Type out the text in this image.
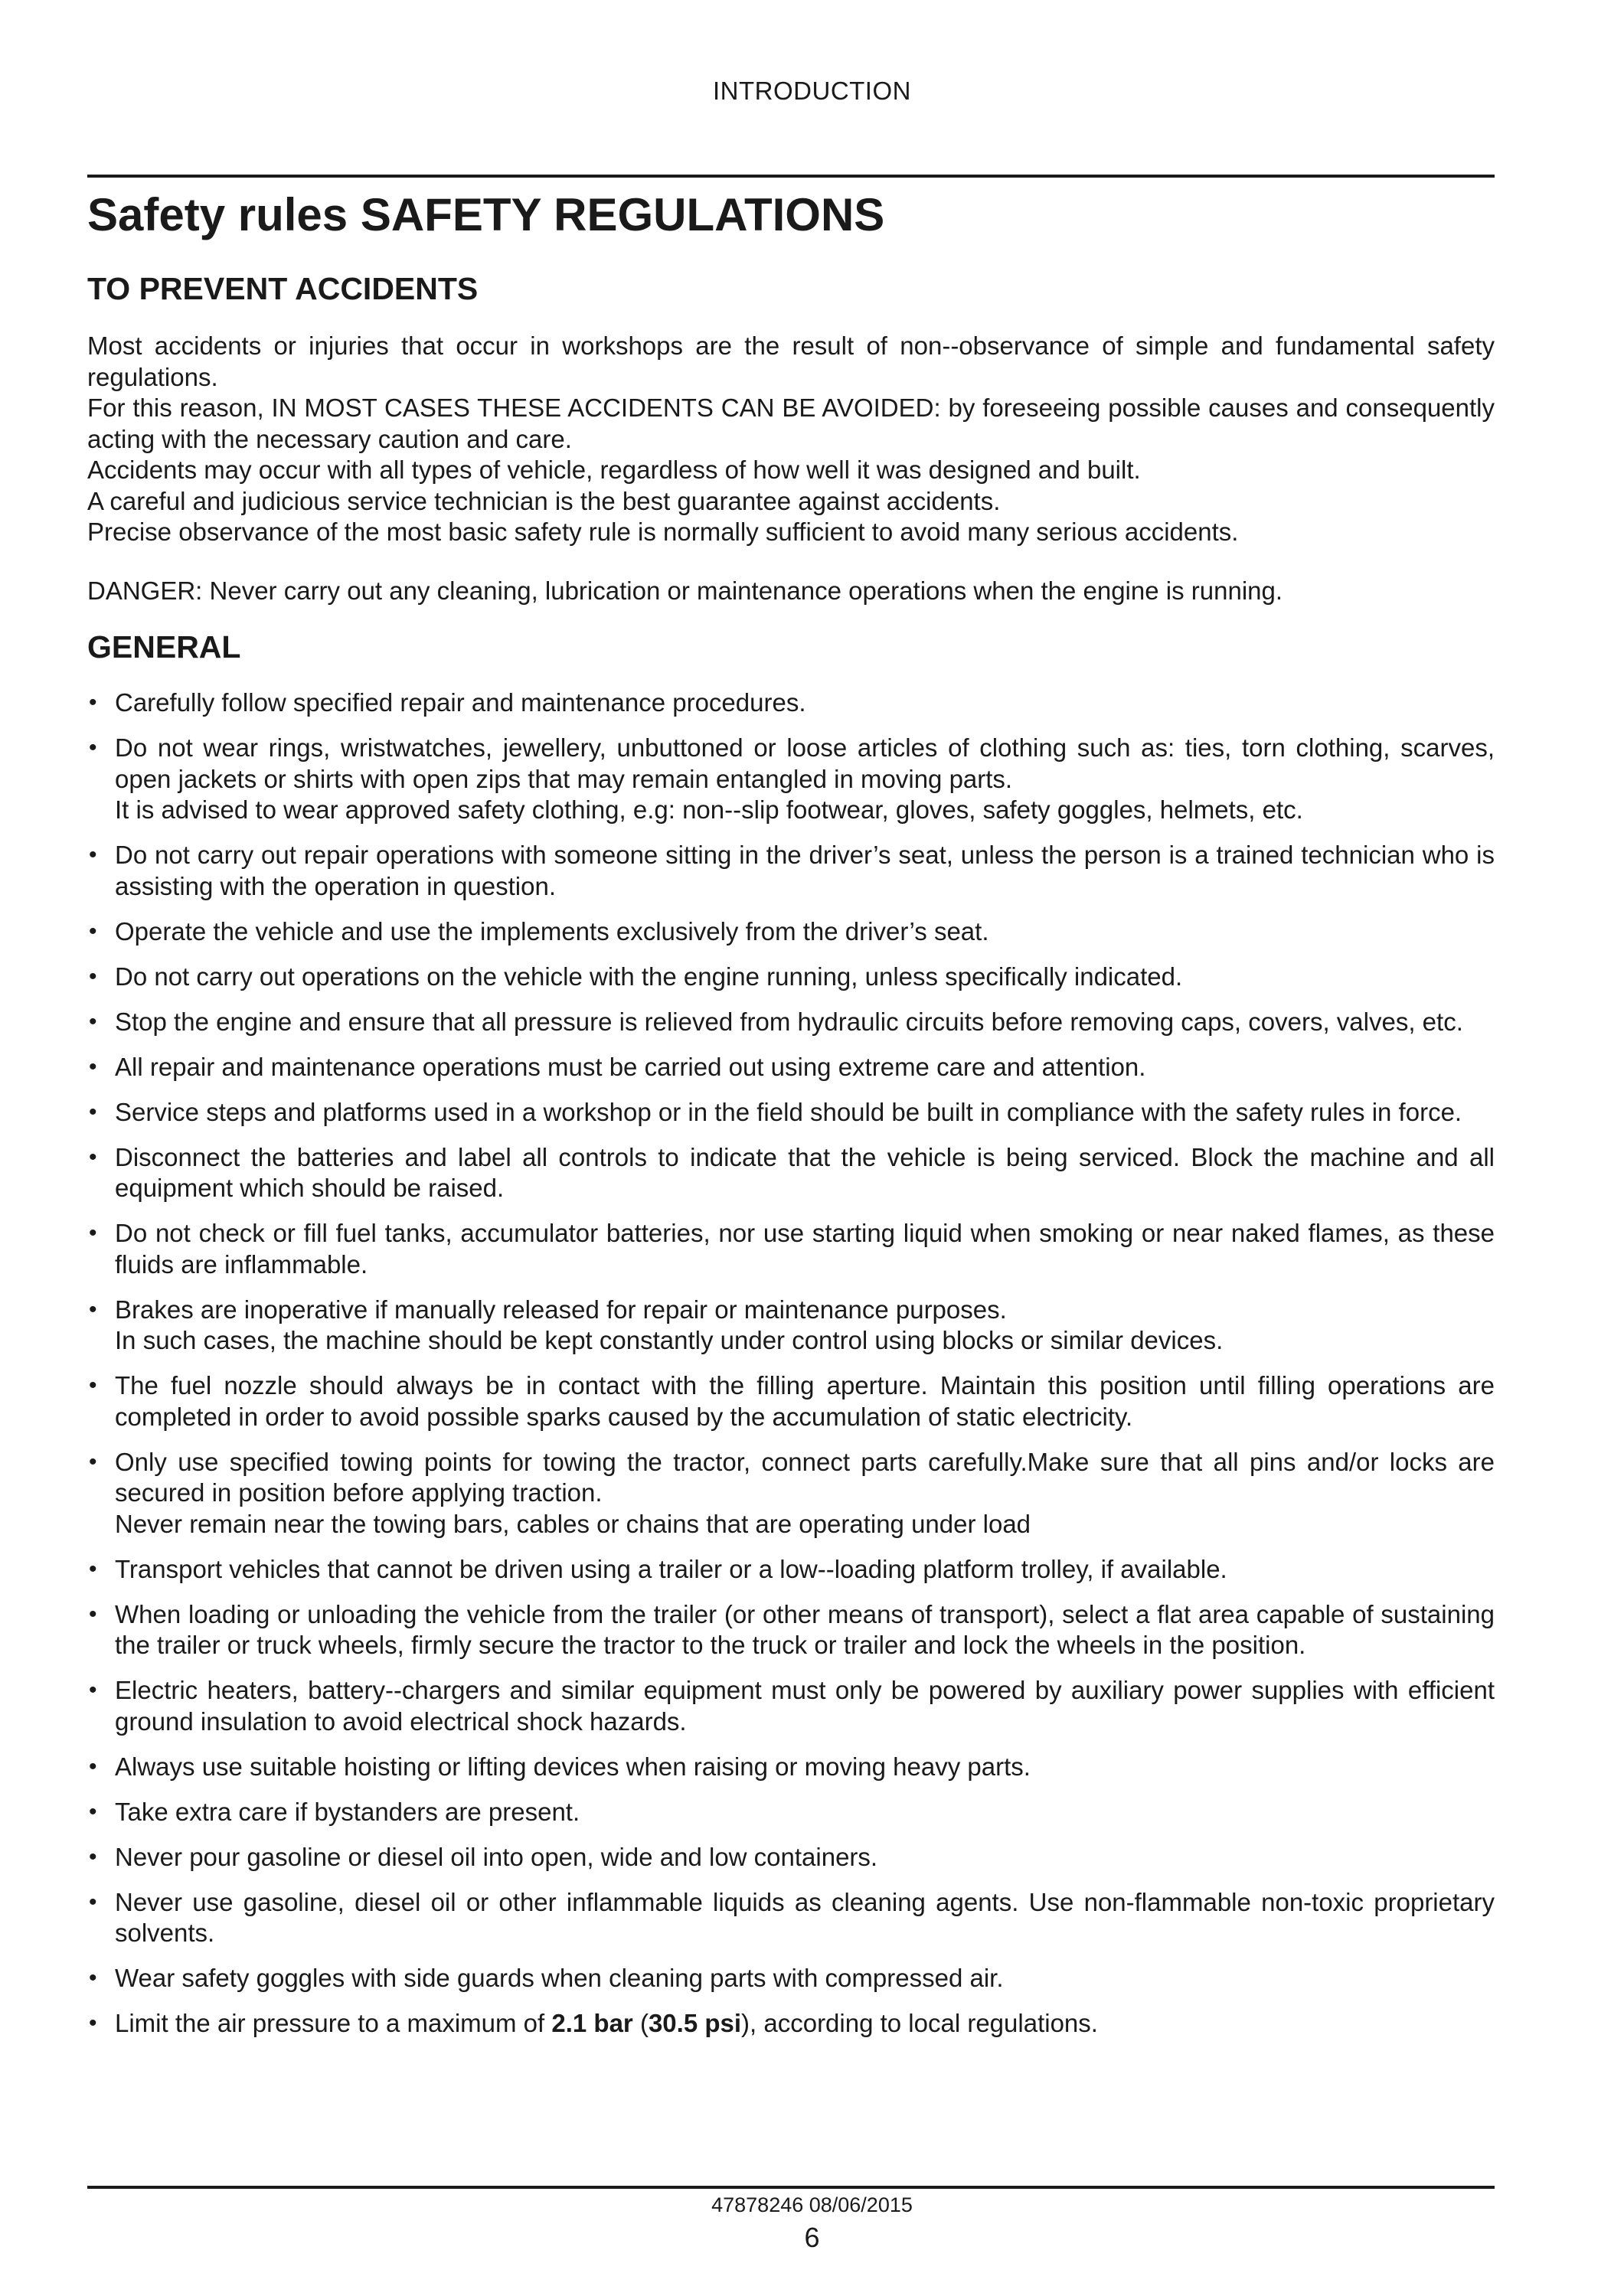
INTRODUCTION
Safety rules SAFETY REGULATIONS
TO PREVENT ACCIDENTS

Most accidents or injuries that occur in workshops are the result of non--observance of simple and fundamental safety regulations.

For this reason, IN MOST CASES THESE ACCIDENTS CAN BE AVOIDED: by foreseeing possible causes and consequently acting with the necessary caution and care.

Accidents may occur with all types of vehicle, regardless of how well it was designed and built.

A careful and judicious service technician is the best guarantee against accidents.

Precise observance of the most basic safety rule is normally sufficient to avoid many serious accidents.

DANGER: Never carry out any cleaning, lubrication or maintenance operations when the engine is running.

GENERAL
• Carefully follow specified repair and maintenance procedures.
• Do not wear rings, wristwatches, jewellery, unbuttoned or loose articles of clothing such as: ties, torn clothing, scarves, open jackets or shirts with open zips that may remain entangled in moving parts.
It is advised to wear approved safety clothing, e.g: non--slip footwear, gloves, safety goggles, helmets, etc.
• Do not carry out repair operations with someone sitting in the driver’s seat, unless the person is a trained technician who is assisting with the operation in question.
• Operate the vehicle and use the implements exclusively from the driver’s seat.
• Do not carry out operations on the vehicle with the engine running, unless specifically indicated.
• Stop the engine and ensure that all pressure is relieved from hydraulic circuits before removing caps, covers, valves, etc.
• All repair and maintenance operations must be carried out using extreme care and attention.
• Service steps and platforms used in a workshop or in the field should be built in compliance with the safety rules in force.
• Disconnect the batteries and label all controls to indicate that the vehicle is being serviced. Block the machine and all equipment which should be raised.
• Do not check or fill fuel tanks, accumulator batteries, nor use starting liquid when smoking or near naked flames, as these fluids are inflammable.
• Brakes are inoperative if manually released for repair or maintenance purposes.
In such cases, the machine should be kept constantly under control using blocks or similar devices.
• The fuel nozzle should always be in contact with the filling aperture. Maintain this position until filling operations are completed in order to avoid possible sparks caused by the accumulation of static electricity.
• Only use specified towing points for towing the tractor, connect parts carefully.Make sure that all pins and/or locks are secured in position before applying traction.
Never remain near the towing bars, cables or chains that are operating under load
• Transport vehicles that cannot be driven using a trailer or a low--loading platform trolley, if available.
• When loading or unloading the vehicle from the trailer (or other means of transport), select a flat area capable of sustaining the trailer or truck wheels, firmly secure the tractor to the truck or trailer and lock the wheels in the position.
• Electric heaters, battery--chargers and similar equipment must only be powered by auxiliary power supplies with efficient ground insulation to avoid electrical shock hazards.
• Always use suitable hoisting or lifting devices when raising or moving heavy parts.
• Take extra care if bystanders are present.
• Never pour gasoline or diesel oil into open, wide and low containers.
• Never use gasoline, diesel oil or other inflammable liquids as cleaning agents. Use non-flammable non-toxic proprietary solvents.
• Wear safety goggles with side guards when cleaning parts with compressed air.
• Limit the air pressure to a maximum of 2.1 bar (30.5 psi), according to local regulations.
47878246 08/06/2015
6
